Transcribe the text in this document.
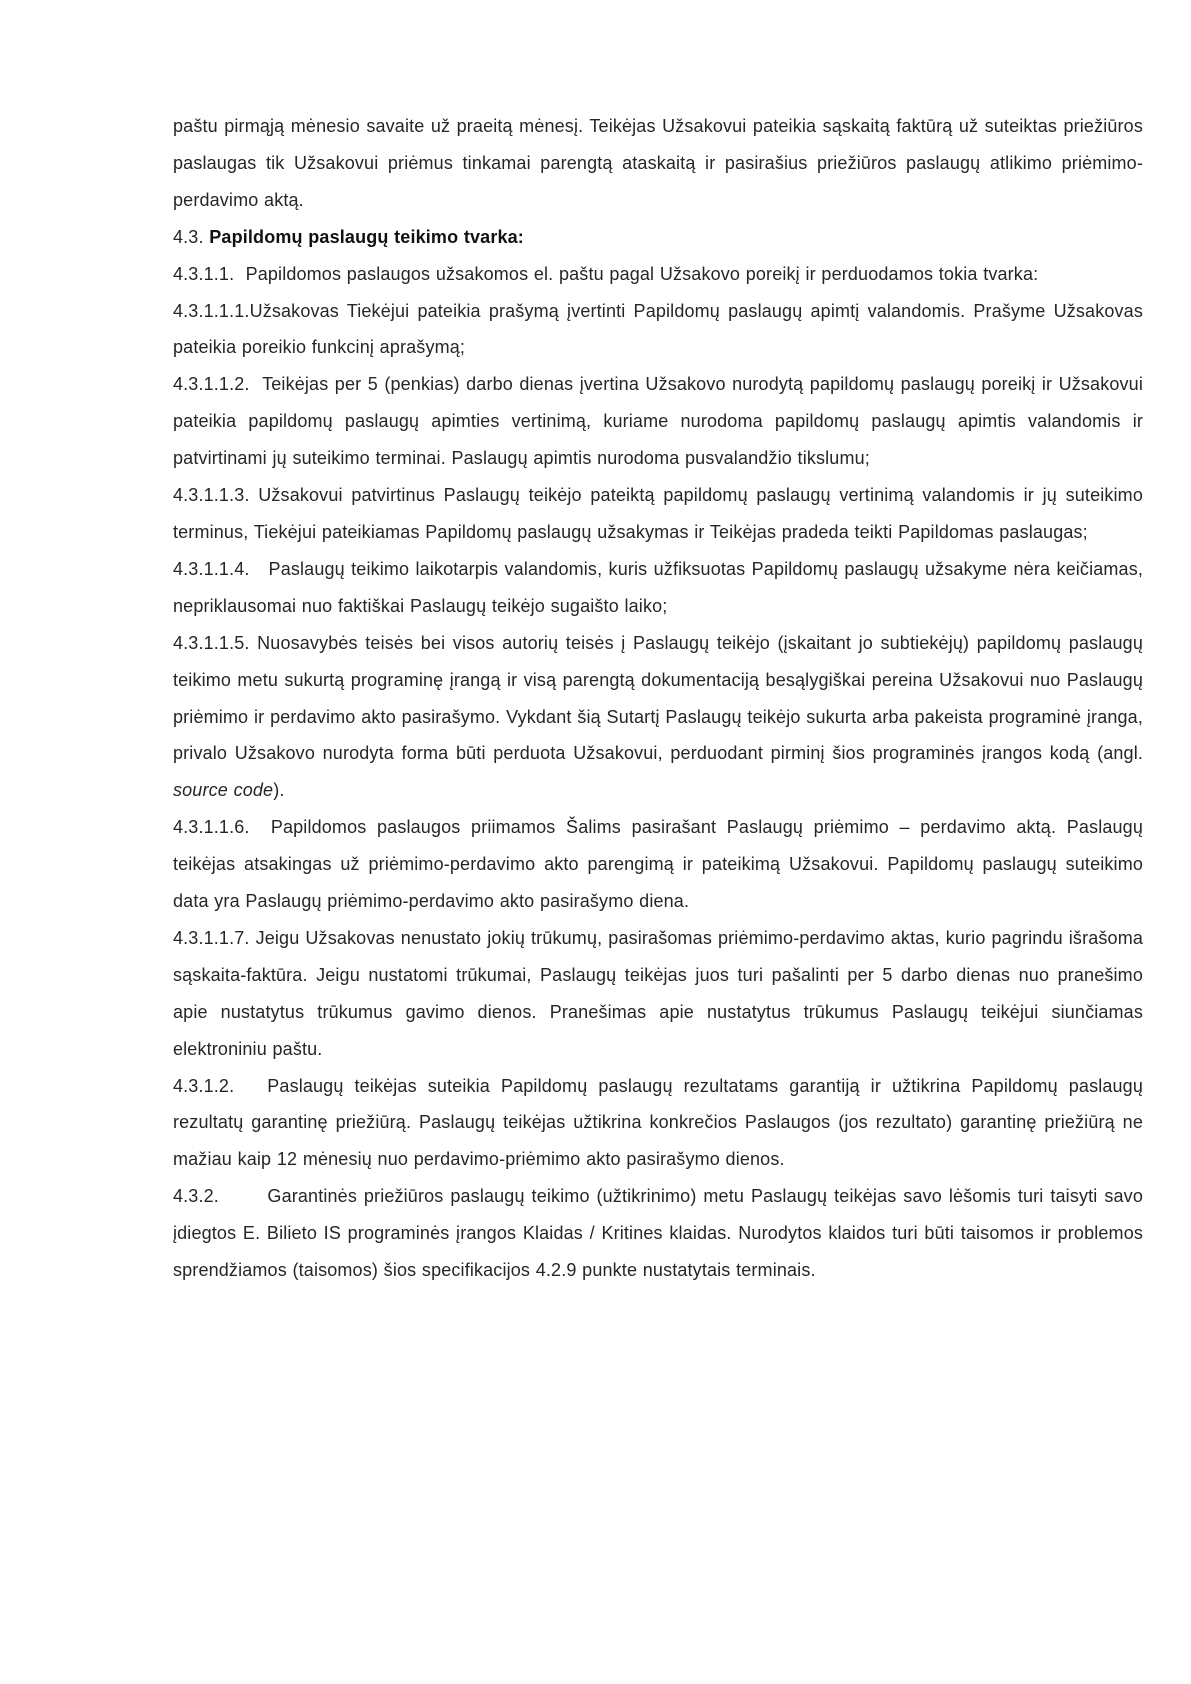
paštu pirmąją mėnesio savaite už praeitą mėnesį. Teikėjas Užsakovui pateikia sąskaitą faktūrą už suteiktas priežiūros paslaugas tik Užsakovui priėmus tinkamai parengtą ataskaitą ir pasirašius priežiūros paslaugų atlikimo priėmimo-perdavimo aktą.

4.3. Papildomų paslaugų teikimo tvarka:

4.3.1.1.  Papildomos paslaugos užsakomos el. paštu pagal Užsakovo poreikį ir perduodamos tokia tvarka:

4.3.1.1.1.Užsakovas Tiekėjui pateikia prašymą įvertinti Papildomų paslaugų apimtį valandomis. Prašyme Užsakovas pateikia poreikio funkcinį aprašymą;

4.3.1.1.2.  Teikėjas per 5 (penkias) darbo dienas įvertina Užsakovo nurodytą papildomų paslaugų poreikį ir Užsakovui pateikia papildomų paslaugų apimties vertinimą, kuriame nurodoma papildomų paslaugų apimtis valandomis ir patvirtinami jų suteikimo terminai. Paslaugų apimtis nurodoma pusvalandžio tikslumu;

4.3.1.1.3. Užsakovui patvirtinus Paslaugų teikėjo pateiktą papildomų paslaugų vertinimą valandomis ir jų suteikimo terminus, Tiekėjui pateikiamas Papildomų paslaugų užsakymas ir Teikėjas pradeda teikti Papildomas paslaugas;

4.3.1.1.4.   Paslaugų teikimo laikotarpis valandomis, kuris užfiksuotas Papildomų paslaugų užsakyme nėra keičiamas, nepriklausomai nuo faktiškai Paslaugų teikėjo sugaišto laiko;

4.3.1.1.5. Nuosavybės teisės bei visos autorių teisės į Paslaugų teikėjo (įskaitant jo subtiekėjų) papildomų paslaugų teikimo metu sukurtą programinę įrangą ir visą parengtą dokumentaciją besąlygiškai pereina Užsakovui nuo Paslaugų priėmimo ir perdavimo akto pasirašymo. Vykdant šią Sutartį Paslaugų teikėjo sukurta arba pakeista programinė įranga, privalo Užsakovo nurodyta forma būti perduota Užsakovui, perduodant pirminį šios programinės įrangos kodą (angl. source code).

4.3.1.1.6.  Papildomos paslaugos priimamos Šalims pasirašant Paslaugų priėmimo – perdavimo aktą. Paslaugų teikėjas atsakingas už priėmimo-perdavimo akto parengimą ir pateikimą Užsakovui. Papildomų paslaugų suteikimo data yra Paslaugų priėmimo-perdavimo akto pasirašymo diena.

4.3.1.1.7. Jeigu Užsakovas nenustato jokių trūkumų, pasirašomas priėmimo-perdavimo aktas, kurio pagrindu išrašoma sąskaita-faktūra. Jeigu nustatomi trūkumai, Paslaugų teikėjas juos turi pašalinti per 5 darbo dienas nuo pranešimo apie nustatytus trūkumus gavimo dienos. Pranešimas apie nustatytus trūkumus Paslaugų teikėjui siunčiamas elektroniniu paštu.

4.3.1.2.   Paslaugų teikėjas suteikia Papildomų paslaugų rezultatams garantiją ir užtikrina Papildomų paslaugų rezultatų garantinę priežiūrą. Paslaugų teikėjas užtikrina konkrečios Paslaugos (jos rezultato) garantinę priežiūrą ne mažiau kaip 12 mėnesių nuo perdavimo-priėmimo akto pasirašymo dienos.

4.3.2.       Garantinės priežiūros paslaugų teikimo (užtikrinimo) metu Paslaugų teikėjas savo lėšomis turi taisyti savo įdiegtos E. Bilieto IS programinės įrangos Klaidas / Kritines klaidas. Nurodytos klaidos turi būti taisomos ir problemos sprendžiamos (taisomos) šios specifikacijos 4.2.9 punkte nustatytais terminais.
